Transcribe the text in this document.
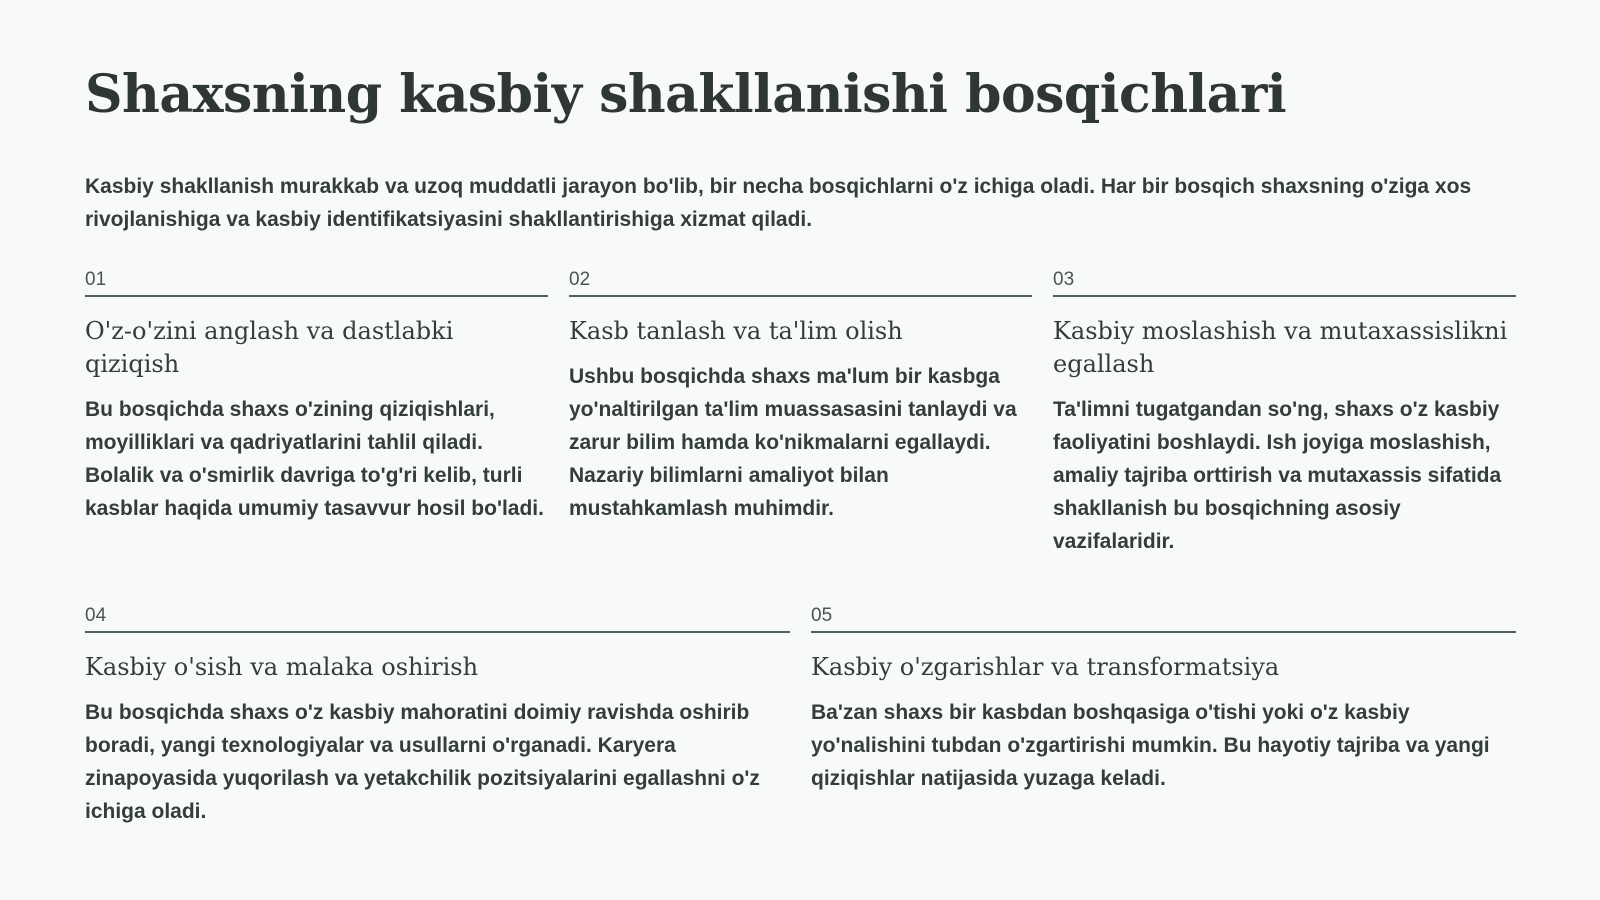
Shaxsning kasbiy shakllanishi bosqichlari

Kasbiy shakllanish murakkab va uzoq muddatli jarayon bo'lib, bir necha bosqichlarni o'z ichiga oladi. Har bir bosqich shaxsning o'ziga xos rivojlanishiga va kasbiy identifikatsiyasini shakllantirishiga xizmat qiladi.

01
O'z-o'zini anglash va dastlabki qiziqish

Bu bosqichda shaxs o'zining qiziqishlari, moyilliklari va qadriyatlarini tahlil qiladi. Bolalik va o'smirlik davriga to'g'ri kelib, turli kasblar haqida umumiy tasavvur hosil bo'ladi.

02
Kasb tanlash va ta'lim olish

Ushbu bosqichda shaxs ma'lum bir kasbga yo'naltirilgan ta'lim muassasasini tanlaydi va zarur bilim hamda ko'nikmalarni egallaydi. Nazariy bilimlarni amaliyot bilan mustahkamlash muhimdir.

03
Kasbiy moslashish va mutaxassislikni egallash

Ta'limni tugatgandan so'ng, shaxs o'z kasbiy faoliyatini boshlaydi. Ish joyiga moslashish, amaliy tajriba orttirish va mutaxassis sifatida shakllanish bu bosqichning asosiy vazifalaridir.

04
Kasbiy o'sish va malaka oshirish

Bu bosqichda shaxs o'z kasbiy mahoratini doimiy ravishda oshirib boradi, yangi texnologiyalar va usullarni o'rganadi. Karyera zinapoyasida yuqorilash va yetakchilik pozitsiyalarini egallashni o'z ichiga oladi.

05
Kasbiy o'zgarishlar va transformatsiya

Ba'zan shaxs bir kasbdan boshqasiga o'tishi yoki o'z kasbiy yo'nalishini tubdan o'zgartirishi mumkin. Bu hayotiy tajriba va yangi qiziqishlar natijasida yuzaga keladi.
